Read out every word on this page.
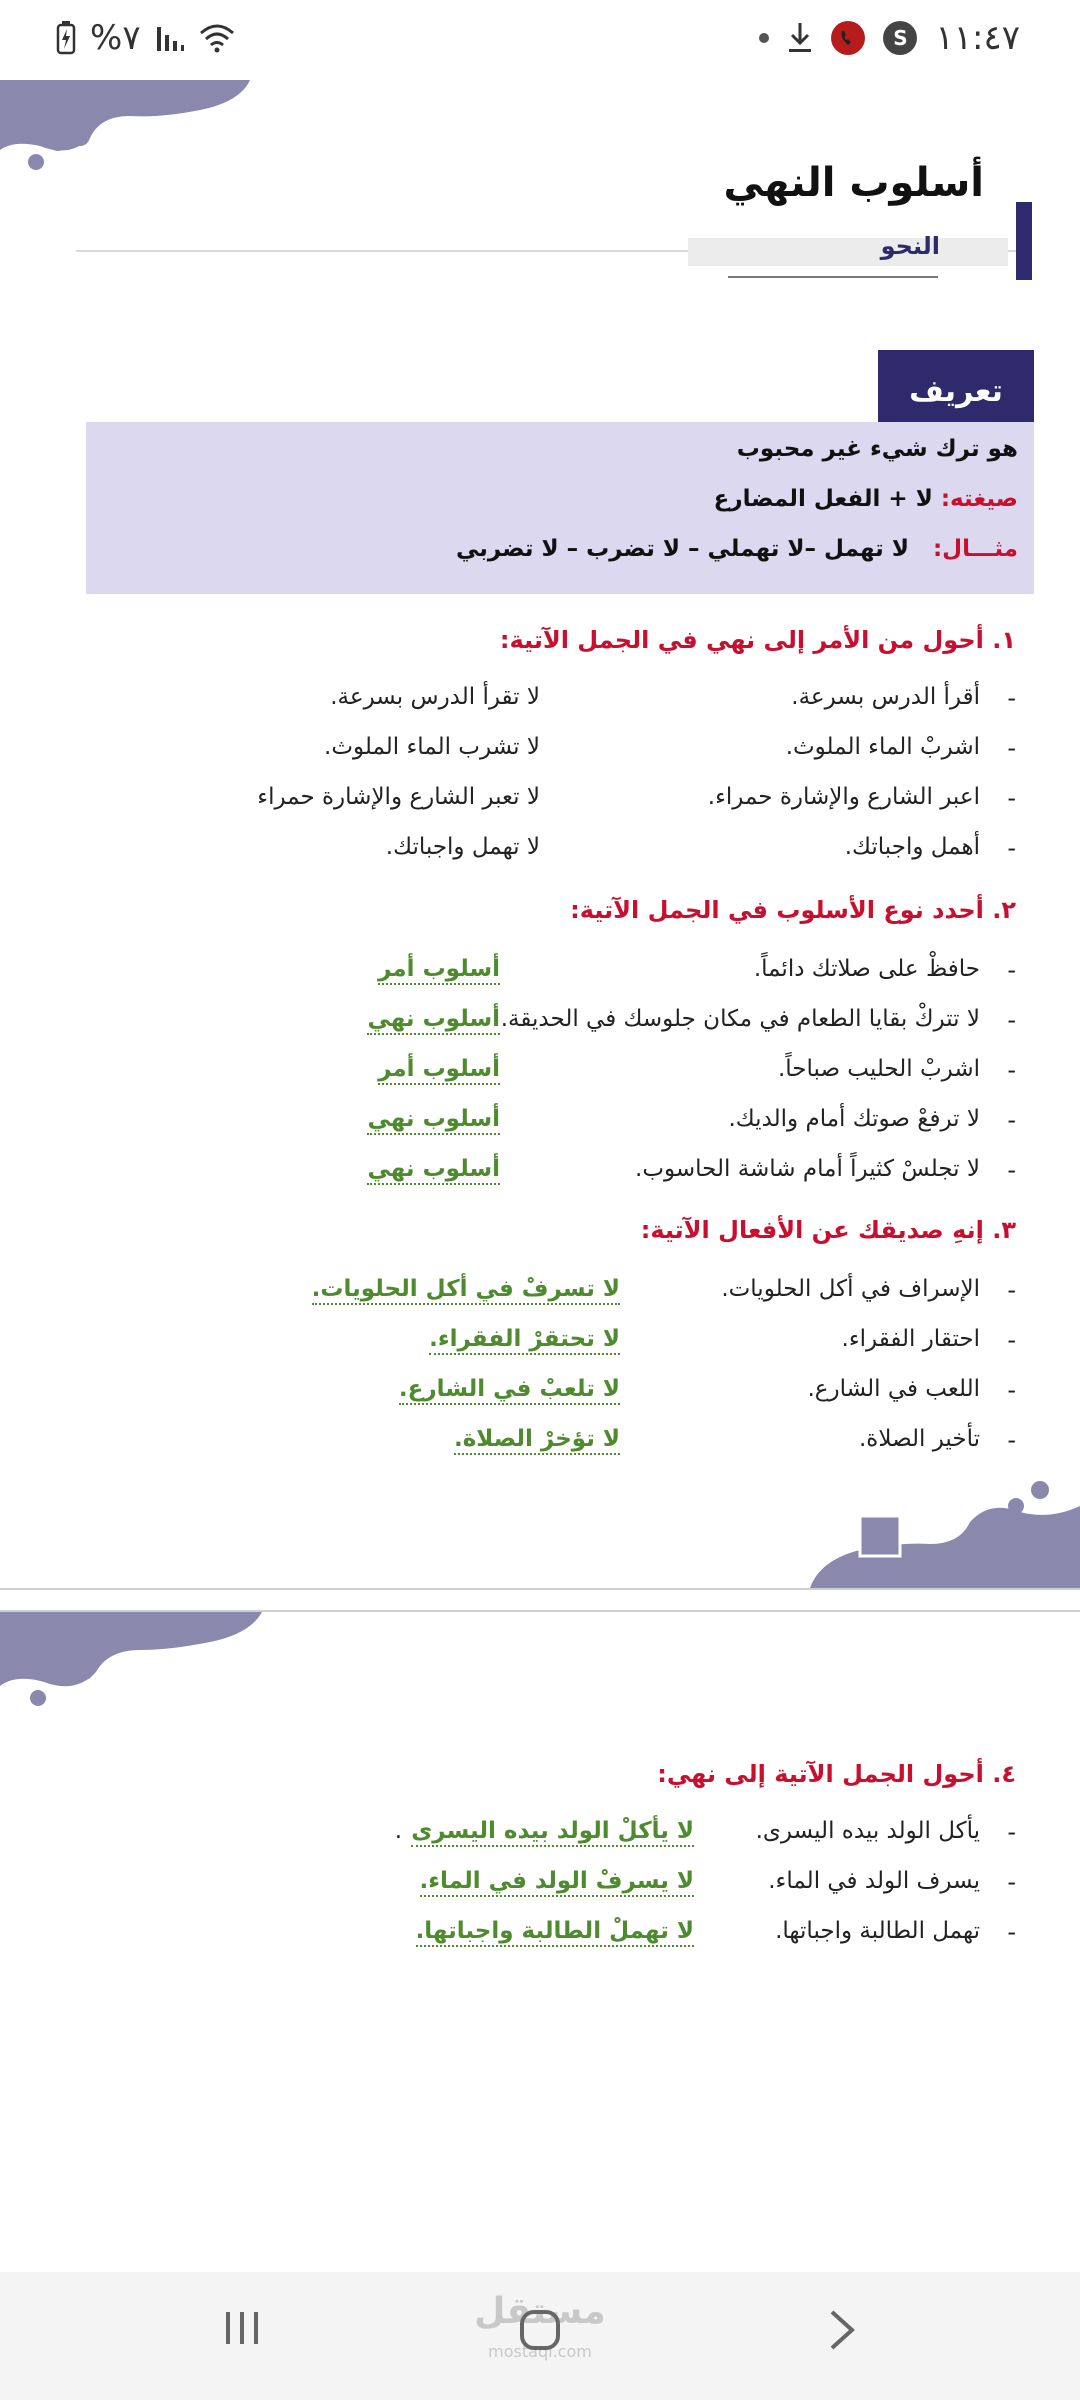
%٧	S ١١:٤٧
أسلوب النهي
النحو
تعريف
هو ترك شيء غير محبوب
صيغته: لا + الفعل المضارع
مثـــال: لا تهمل –لا تهملي – لا تضرب – لا تضربي
١. أحول من الأمر إلى نهي في الجمل الآتية:
-
أقرأ الدرس بسرعة.
لا تقرأ الدرس بسرعة.
-
اشربْ الماء الملوث.
لا تشرب الماء الملوث.
-
اعبر الشارع والإشارة حمراء.
لا تعبر الشارع والإشارة حمراء
-
أهمل واجباتك.
لا تهمل واجباتك.
٢. أحدد نوع الأسلوب في الجمل الآتية:
-
حافظْ على صلاتك دائماً.
أسلوب أمر
-
لا تتركْ بقايا الطعام في مكان جلوسك في الحديقة.
أسلوب نهي
-
اشربْ الحليب صباحاً.
أسلوب أمر
-
لا ترفعْ صوتك أمام والديك.
أسلوب نهي
-
لا تجلسْ كثيراً أمام شاشة الحاسوب.
أسلوب نهي
٣. إنهِ صديقك عن الأفعال الآتية:
-
الإسراف في أكل الحلويات.
لا تسرفْ في أكل الحلويات.
-
احتقار الفقراء.
لا تحتقرْ الفقراء.
-
اللعب في الشارع.
لا تلعبْ في الشارع.
-
تأخير الصلاة.
لا تؤخرْ الصلاة.
٤. أحول الجمل الآتية إلى نهي:
-
يأكل الولد بيده اليسرى.
لا يأكلْ الولد بيده اليسرى
.
-
يسرف الولد في الماء.
لا يسرفْ الولد في الماء.
-
تهمل الطالبة واجباتها.
لا تهملْ الطالبة واجباتها.
مستقل
mostaql.com
